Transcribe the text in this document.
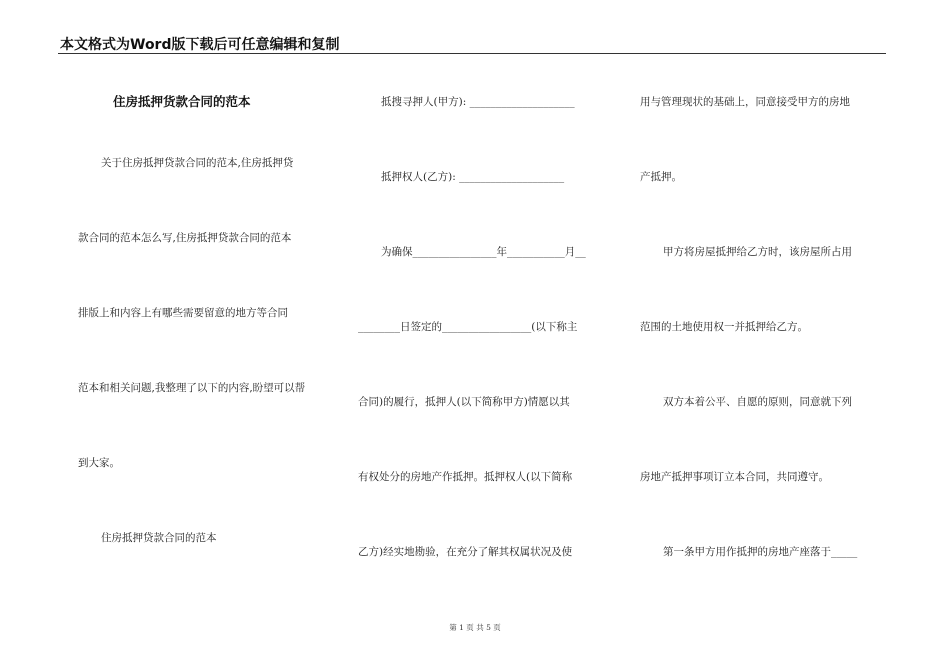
本文格式为Word版下载后可任意编辑和复制
住房抵押货款合同的范本
关于住房抵押贷款合同的范本,住房抵押贷
款合同的范本怎么写,住房抵押贷款合同的范本
排版上和内容上有哪些需要留意的地方等合同
范本和相关问题,我整理了以下的内容,盼望可以帮
到大家。
住房抵押贷款合同的范本
抵搜寻押人(甲方): ____________________
抵押权人(乙方): ____________________
为确保________________年___________月__
________日签定的_________________(以下称主
合同)的履行，抵押人(以下简称甲方)情愿以其
有权处分的房地产作抵押。抵押权人(以下简称
乙方)经实地勘验，在充分了解其权属状况及使
用与管理现状的基础上，同意接受甲方的房地
产抵押。
甲方将房屋抵押给乙方时，该房屋所占用
范围的土地使用权一并抵押给乙方。
双方本着公平、自愿的原则，同意就下列
房地产抵押事项订立本合同，共同遵守。
第一条甲方用作抵押的房地产座落于_____
第 1 页 共 5 页
